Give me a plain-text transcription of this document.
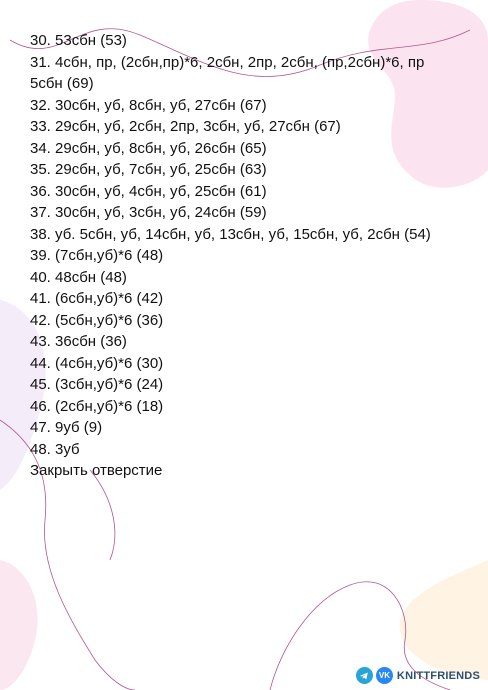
30. 53сбн (53)

31. 4сбн, пр, (2сбн,пр)*6, 2сбн, 2пр, 2сбн, (пр,2сбн)*6, пр 5сбн (69)

32. 30сбн, уб, 8сбн, уб, 27сбн (67)

33. 29сбн, уб, 2сбн, 2пр, 3сбн, уб, 27сбн (67)

34. 29сбн, уб, 8сбн, уб, 26сбн (65)

35. 29сбн, уб, 7сбн, уб, 25сбн (63)

36. 30сбн, уб, 4сбн, уб, 25сбн (61)

37. 30сбн, уб, 3сбн, уб, 24сбн (59)

38. уб. 5сбн, уб, 14сбн, уб, 13сбн, уб, 15сбн, уб, 2сбн (54)

39. (7сбн,уб)*6 (48)

40. 48сбн (48)

41. (6сбн,уб)*6 (42)

42. (5сбн,уб)*6 (36)

43. 36сбн (36)

44. (4сбн,уб)*6 (30)

45. (3сбн,уб)*6 (24)

46. (2сбн,уб)*6 (18)

47. 9уб (9)

48. 3уб

Закрыть отверстие

VK KNITTFRIENDS
